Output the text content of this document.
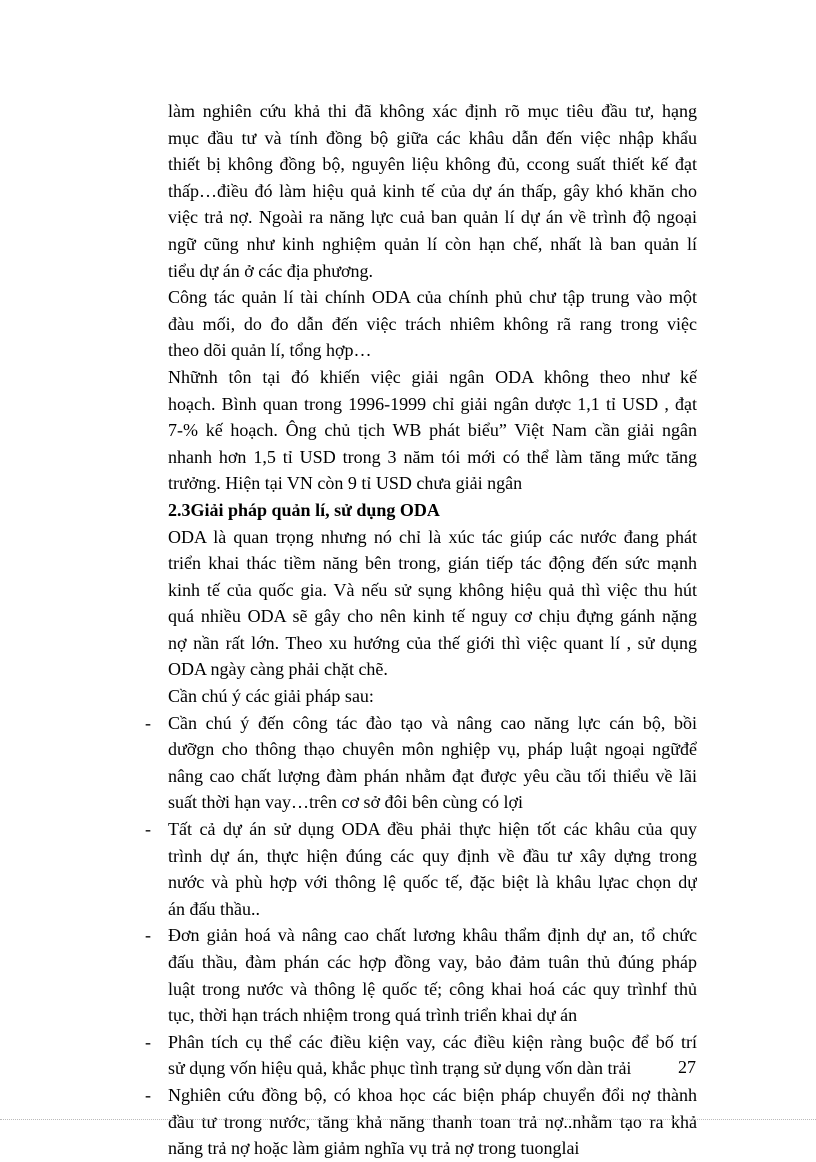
làm nghiên cứu khả thi đã không xác định rõ mục tiêu đầu tư, hạng
mục đầu tư và tính đồng bộ giữa các khâu dẫn đến việc nhập khẩu
thiết bị không đồng bộ, nguyên liệu không đủ, ccong suất thiết kế đạt
thấp…điều đó làm hiệu quả kinh tế của dự án thấp, gây khó khăn cho
việc trả nợ. Ngoài ra năng lực cuả ban quản lí dự án về trình độ ngoại
ngữ cũng như kinh nghiệm quản lí còn hạn chế, nhất là ban quản lí
tiểu dự án ở các địa phương.
Công tác quản lí tài chính ODA của chính phủ chư tập trung vào một
đàu mối, do đo dẫn đến việc trách nhiêm không rã rang trong việc
theo dõi quản lí, tổng hợp…
Nhữnh tôn tại đó khiến việc giải ngân ODA không theo như kế
hoạch. Bình quan trong 1996-1999 chỉ giải ngân dược 1,1 tỉ USD , đạt
7-% kế hoạch. Ông chủ tịch WB phát biểu” Việt Nam cần giải ngân
nhanh hơn 1,5 tỉ USD trong 3 năm tói mới có thể làm tăng mức tăng
trưởng. Hiện tại VN còn 9 tỉ USD chưa giải ngân
2.3Giải pháp quản lí, sử dụng ODA
ODA là quan trọng nhưng nó chỉ là xúc tác giúp các nước đang phát
triển khai thác tiềm năng bên trong, gián tiếp tác động đến sức mạnh
kinh tế của quốc gia. Và nếu sử sụng không hiệu quả thì việc thu hút
quá nhiều ODA sẽ gây cho nên kinh tế nguy cơ chịu đựng gánh nặng
nợ nần rất lớn. Theo xu hướng của thế giới thì việc quant lí , sử dụng
ODA ngày càng phải chặt chẽ.
Cần chú ý các giải pháp sau:
- Cần chú ý đến công tác đào tạo và nâng cao năng lực cán bộ, bồi
dưỡgn cho thông thạo chuyên môn nghiệp vụ, pháp luật ngoại ngữđể
nâng cao chất lượng đàm phán nhằm đạt được yêu cầu tối thiểu về lãi
suất thời hạn vay…trên cơ sở đôi bên cùng có lợi
- Tất cả dự án sử dụng ODA đều phải thực hiện tốt các khâu của quy
trình dự án, thực hiện đúng các quy định về đầu tư xây dựng trong
nước và phù hợp với thông lệ quốc tế, đặc biệt là khâu lựac chọn dự
án đấu thầu..
- Đơn giản hoá và nâng cao chất lương khâu thẩm định dự an, tổ chức
đấu thầu, đàm phán các hợp đồng vay, bảo đảm tuân thủ đúng pháp
luật trong nước và thông lệ quốc tế; công khai hoá các quy trìnhf thủ
tục, thời hạn trách nhiệm trong quá trình triển khai dự án
- Phân tích cụ thể các điều kiện vay, các điều kiện ràng buộc để bố trí
sử dụng vốn hiệu quả, khắc phục tình trạng sử dụng vốn dàn trải
- Nghiên cứu đồng bộ, có khoa học các biện pháp chuyển đổi nợ thành
đầu tư trong nước, tăng khả năng thanh toan trả nợ..nhằm tạo ra khả
năng trả nợ hoặc làm giảm nghĩa vụ trả nợ trong tuonglai
27
